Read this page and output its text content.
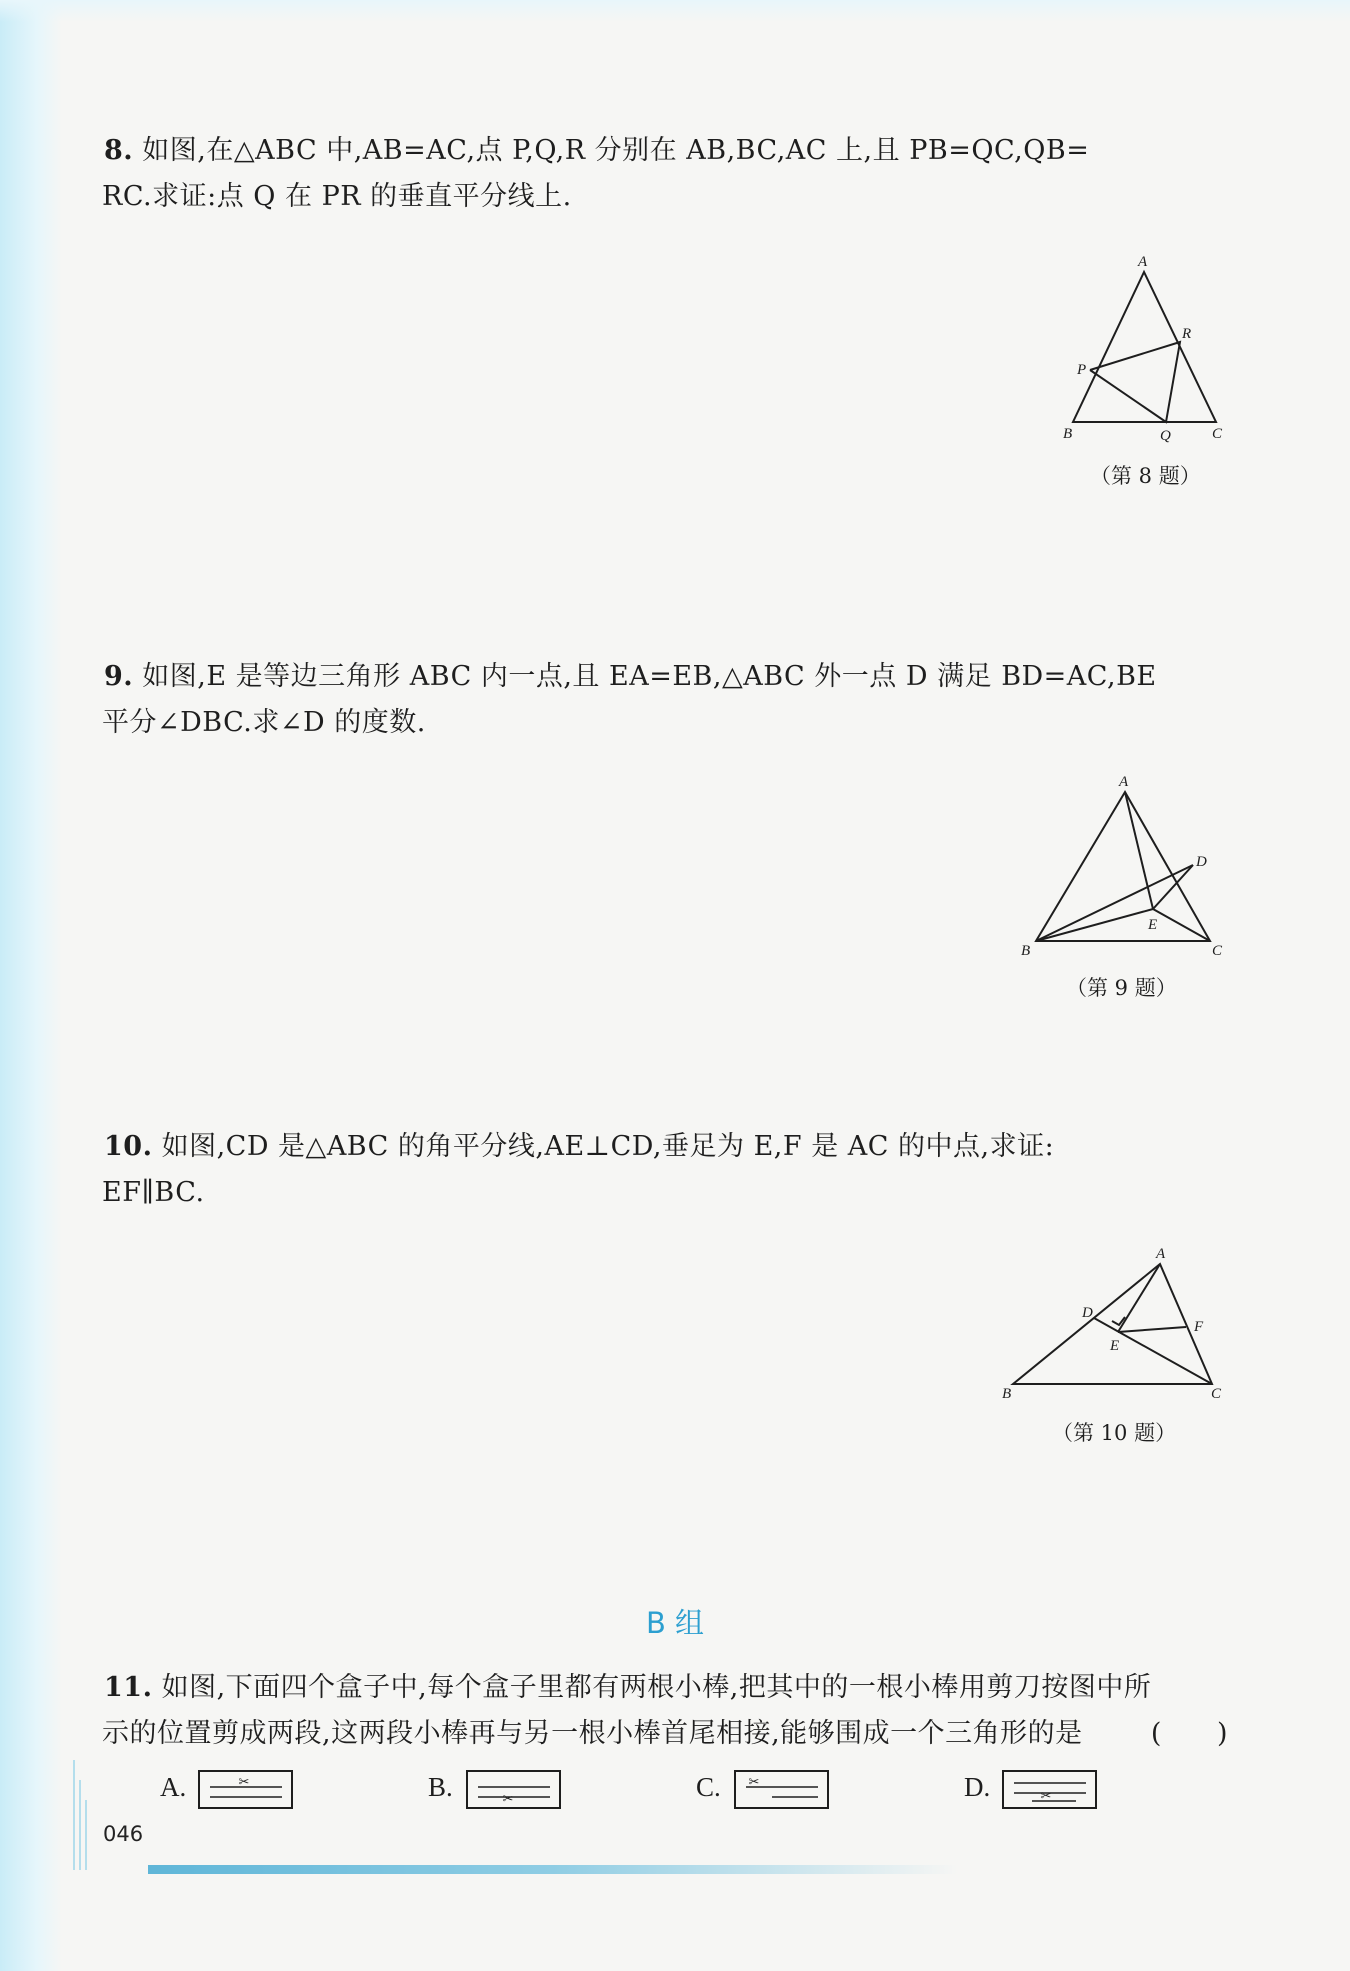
8. 如图,在△ABC 中,AB=AC,点 P,Q,R 分别在 AB,BC,AC 上,且 PB=QC,QB=
RC.求证:点 Q 在 PR 的垂直平分线上.
A
B	C
P
Q
R
（第 8 题）
9. 如图,E 是等边三角形 ABC 内一点,且 EA=EB,△ABC 外一点 D 满足 BD=AC,BE
平分∠DBC.求∠D 的度数.
A
B	C
D
E
（第 9 题）
10. 如图,CD 是△ABC 的角平分线,AE⊥CD,垂足为 E,F 是 AC 的中点,求证:
EF∥BC.
A
B	C
D
E
F
（第 10 题）
B 组
11. 如图,下面四个盒子中,每个盒子里都有两根小棒,把其中的一根小棒用剪刀按图中所
示的位置剪成两段,这两段小棒再与另一根小棒首尾相接,能够围成一个三角形的是	(　　)
A.	✂	B.	✂	C. ✂	D.	✂
046
